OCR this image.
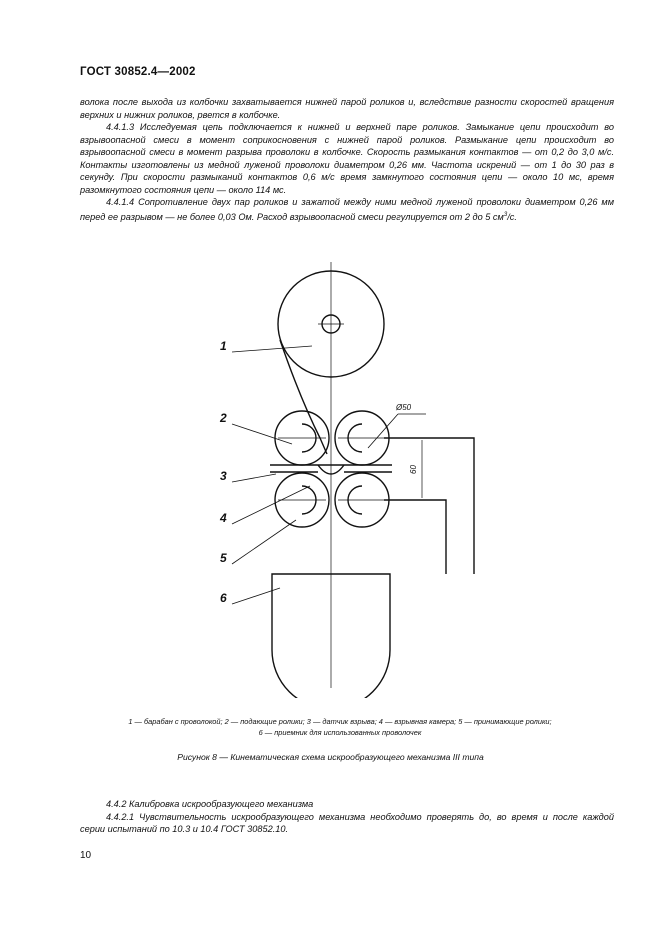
ГОСТ 30852.4—2002

волока после выхода из колбочки захватывается нижней парой роликов и, вследствие разности скоростей вращения верхних и нижних роликов, рвется в колбочке.

4.4.1.3 Исследуемая цепь подключается к нижней и верхней паре роликов. Замыкание цепи происходит во взрывоопасной смеси в момент соприкосновения с нижней парой роликов. Размыкание цепи происходит во взрывоопасной смеси в момент разрыва проволоки в колбочке. Скорость размыкания контактов — от 0,2 до 3,0 м/с. Контакты изготовлены из медной луженой проволоки диаметром 0,26 мм. Частота искрений — от 1 до 30 раз в секунду. При скорости размыканий контактов 0,6 м/с время замкнутого состояния цепи — около 10 мс, время разомкнутого состояния цепи — около 114 мс.

4.4.1.4 Сопротивление двух пар роликов и зажатой между ними медной луженой проволоки диаметром 0,26 мм перед ее разрывом — не более 0,03 Ом. Расход взрывоопасной смеси регулируется от 2 до 5 $см^3/с$.

1
2
3
4
5
6
Ø50
60
1 — барабан с проволокой; 2 — подающие ролики; 3 — датчик взрыва; 4 — взрывная камера; 5 — принимающие ролики;
6 — приемник для использованных проволочек
Рисунок 8 — Кинематическая схема искрообразующего механизма III типа

4.4.2 Калибровка искрообразующего механизма

4.4.2.1 Чувствительность искрообразующего механизма необходимо проверять до, во время и после каждой серии испытаний по 10.3 и 10.4 ГОСТ 30852.10.

10
